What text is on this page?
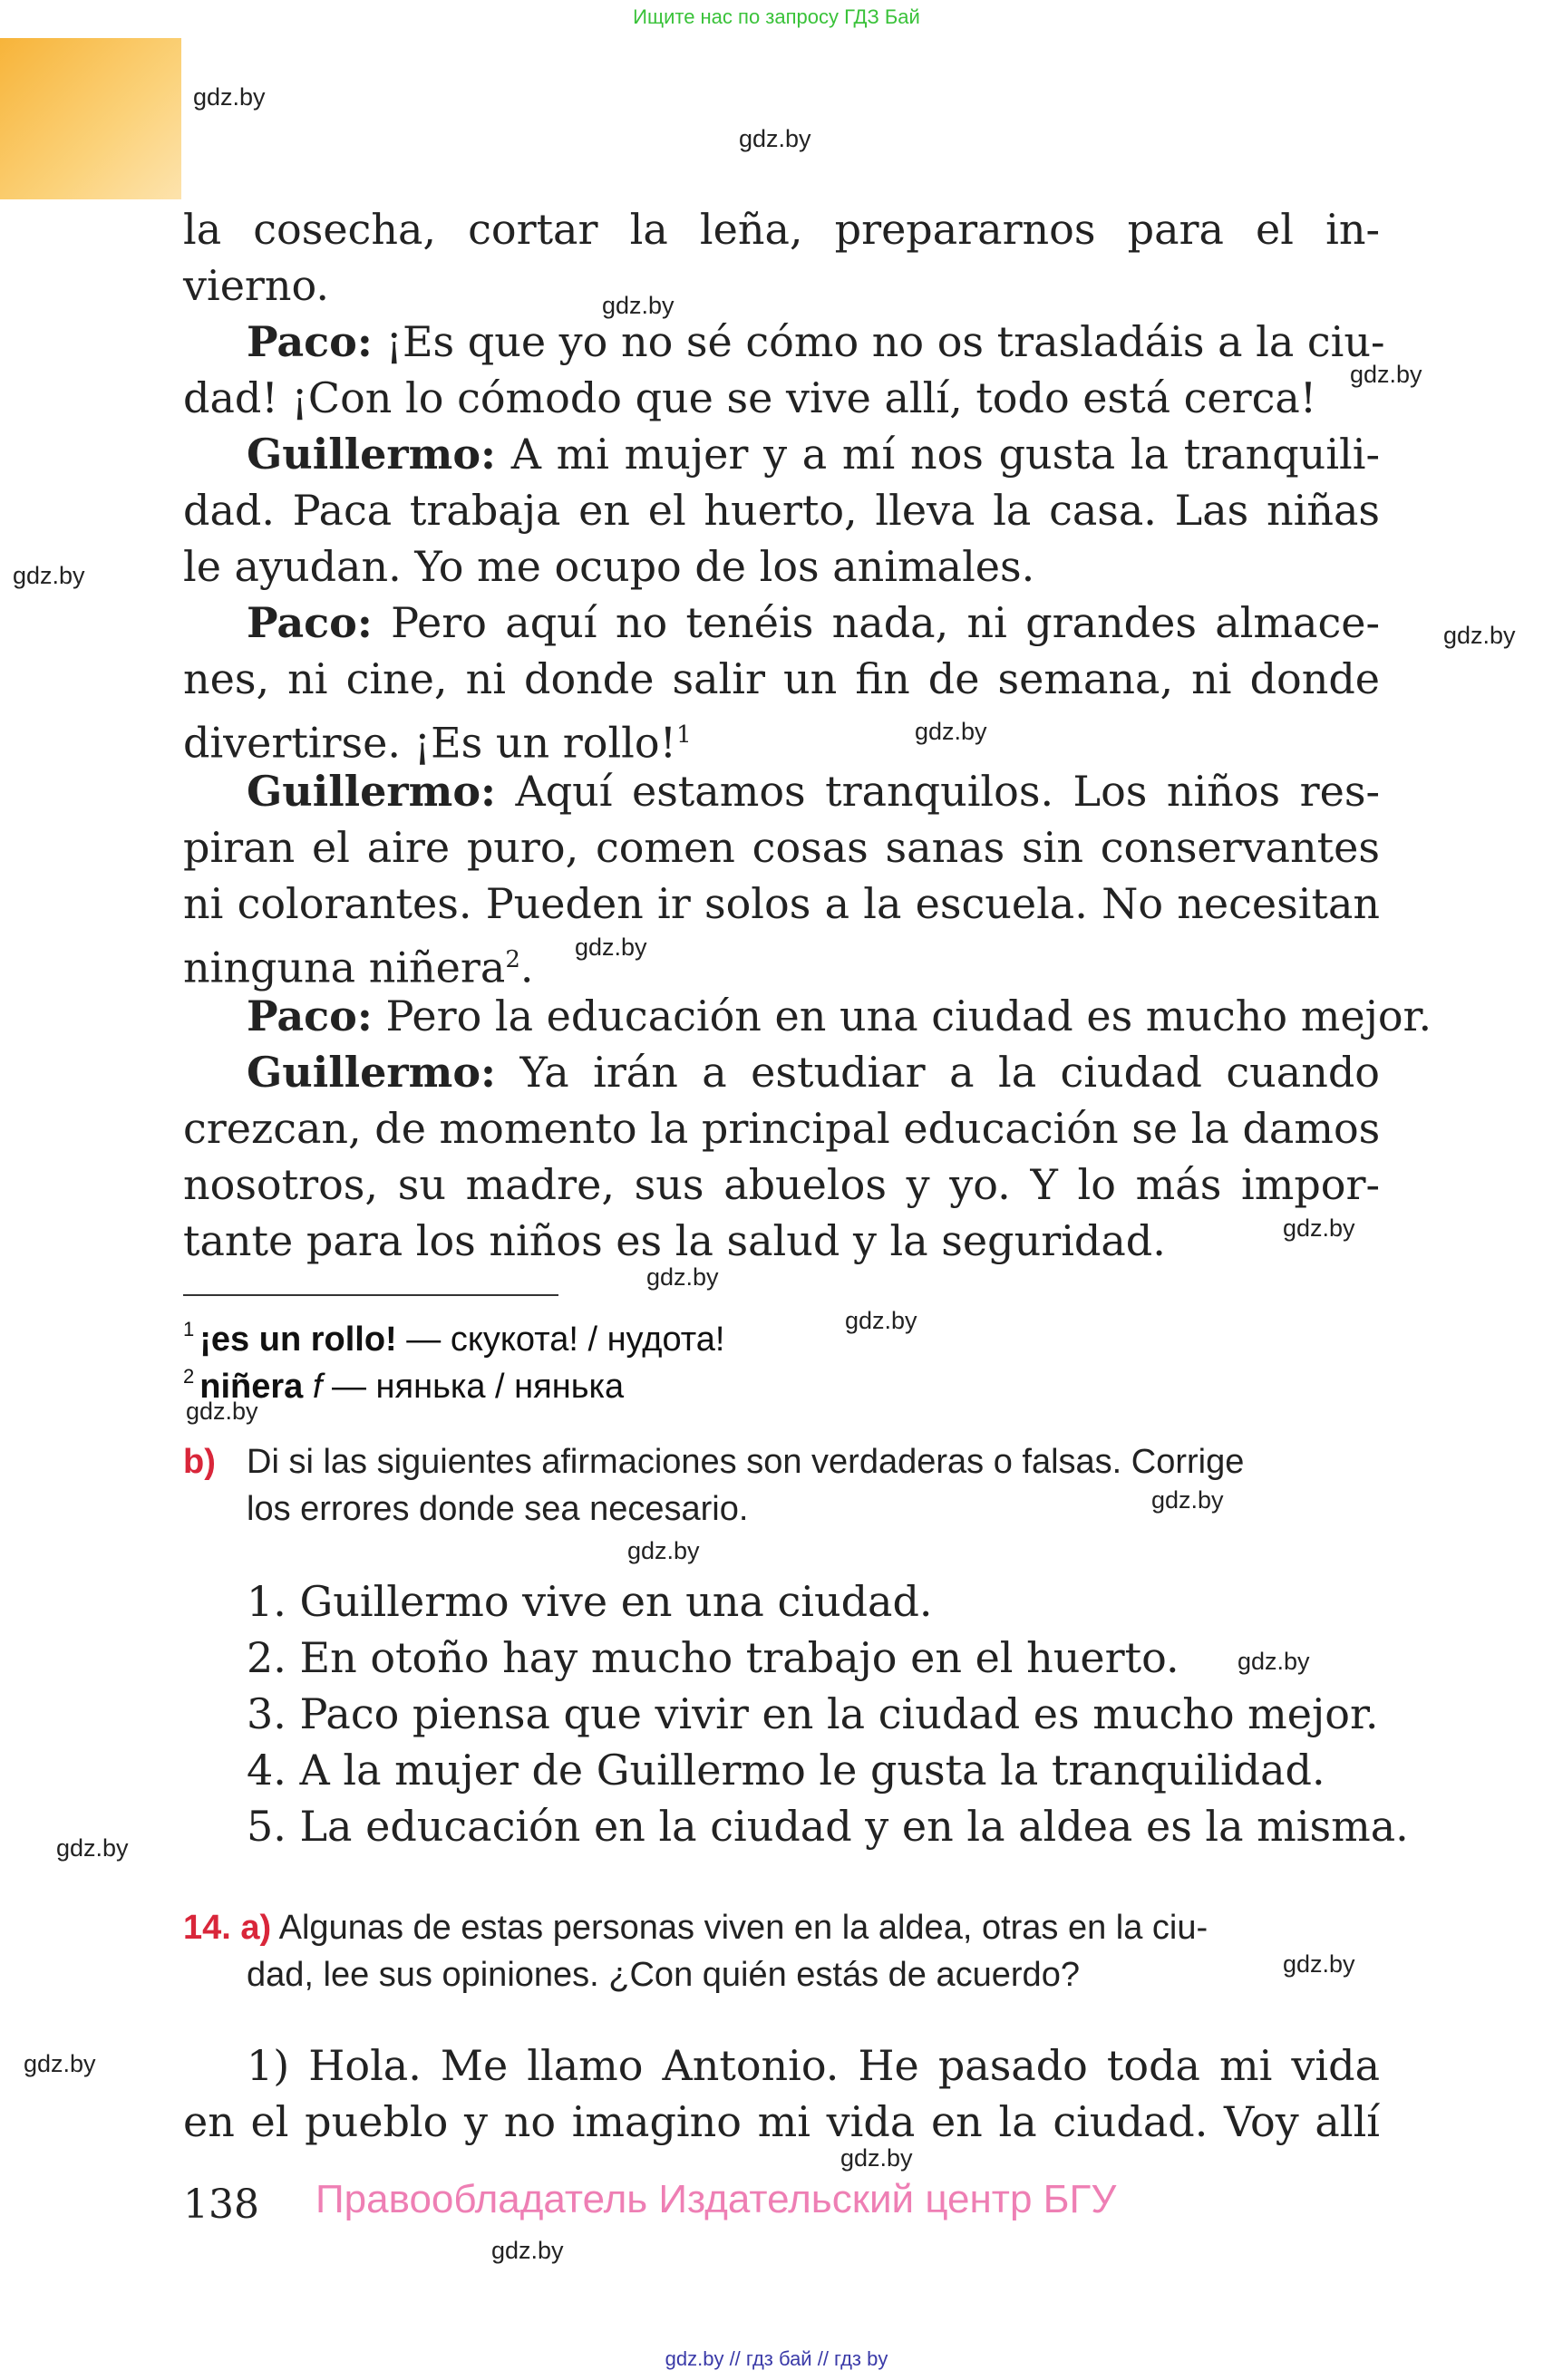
Ищите нас по запросу ГДЗ Бай
gdz.by
gdz.by
gdz.by
gdz.by
gdz.by
gdz.by
gdz.by
gdz.by
gdz.by
gdz.by
gdz.by
gdz.by
gdz.by
gdz.by
gdz.by
gdz.by
gdz.by
gdz.by
gdz.by
gdz.by
la cosecha, cortar la leña, prepararnos para el in-
vierno.
Paco: ¡Es que yo no sé cómo no os trasladáis a la ciu-
dad! ¡Con lo cómodo que se vive allí, todo está cerca!
Guillermo: A mi mujer y a mí nos gusta la tranquili-
dad. Paca trabaja en el huerto, lleva la casa. Las niñas
le ayudan. Yo me ocupo de los animales.
Paco: Pero aquí no tenéis nada, ni grandes almace-
nes, ni cine, ni donde salir un fin de semana, ni donde
divertirse. ¡Es un rollo!$^1$
Guillermo: Aquí estamos tranquilos. Los niños res-
piran el aire puro, comen cosas sanas sin conservantes
ni colorantes. Pueden ir solos a la escuela. No necesitan
ninguna niñera$^2$.
Paco: Pero la educación en una ciudad es mucho mejor.
Guillermo: Ya irán a estudiar a la ciudad cuando
crezcan, de momento la principal educación se la damos
nosotros, su madre, sus abuelos y yo. Y lo más impor-
tante para los niños es la salud y la seguridad.
$^1$ ¡es un rollo! — скукота! / нудота!
$^2$ niñera f — нянька / нянька
b) Di si las siguientes afirmaciones son verdaderas o falsas. Corrige
los errores donde sea necesario.
1. Guillermo vive en una ciudad.
2. En otoño hay mucho trabajo en el huerto.
3. Paco piensa que vivir en la ciudad es mucho mejor.
4. A la mujer de Guillermo le gusta la tranquilidad.
5. La educación en la ciudad y en la aldea es la misma.
14. a) Algunas de estas personas viven en la aldea, otras en la ciu-
dad, lee sus opiniones. ¿Con quién estás de acuerdo?
1) Hola. Me llamo Antonio. He pasado toda mi vida
en el pueblo y no imagino mi vida en la ciudad. Voy allí
138 Правообладатель Издательский центр БГУ
gdz.by // гдз бай // гдз by
